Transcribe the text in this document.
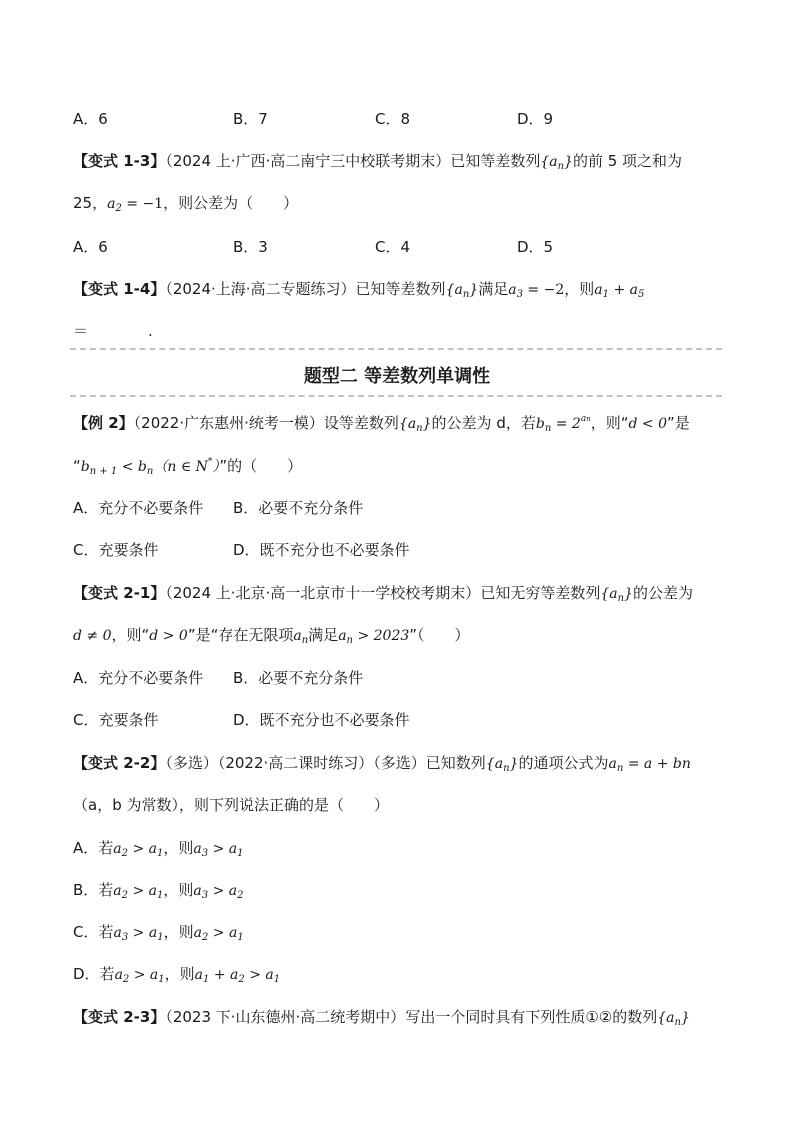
A．6	B．7	C．8	D．9
【变式 1-3】（2024 上·广西·高二南宁三中校联考期末）已知等差数列$\{a_n\}$的前 5 项之和为
25，$a_2 = -1$，则公差为（　　）
A．6	B．3	C．4	D．5
【变式 1-4】（2024·上海·高二专题练习）已知等差数列$\{a_n\}$满足$a_3 = -2$，则$a_1 + a_5$
＝　　　　.
题型二 等差数列单调性
【例 2】（2022·广东惠州·统考一模）设等差数列$\{a_n\}$的公差为 d，若$b_n = 2^{an}$，则“d < 0”是
“$b_{n + 1} < b_n(n$ ∈ N*）”的（　　）
A．充分不必要条件 B．必要不充分条件
C．充要条件	D．既不充分也不必要条件
【变式 2-1】（2024 上·北京·高一北京市十一学校校考期末）已知无穷等差数列$\{a_n\}$的公差为
d ≠ 0，则“d > 0”是“存在无限项$a_n$满足$a_n$ > 2023”（　　）
A．充分不必要条件 B．必要不充分条件
C．充要条件	D．既不充分也不必要条件
【变式 2-2】（多选）（2022·高二课时练习）（多选）已知数列$\{a_n\}$的通项公式为$a_n = a$ + bn
（a，b 为常数），则下列说法正确的是（　　）
A．若$a_2 > a_1$，则$a_3 > a_1$
B．若$a_2 > a_1$，则$a_3 > a_2$
C．若$a_3 > a_1$，则$a_2 > a_1$
D．若$a_2 > a_1$，则$a_1 + a_2 > a_1$
【变式 2-3】（2023 下·山东德州·高二统考期中）写出一个同时具有下列性质①②的数列$\{a_n\}$
